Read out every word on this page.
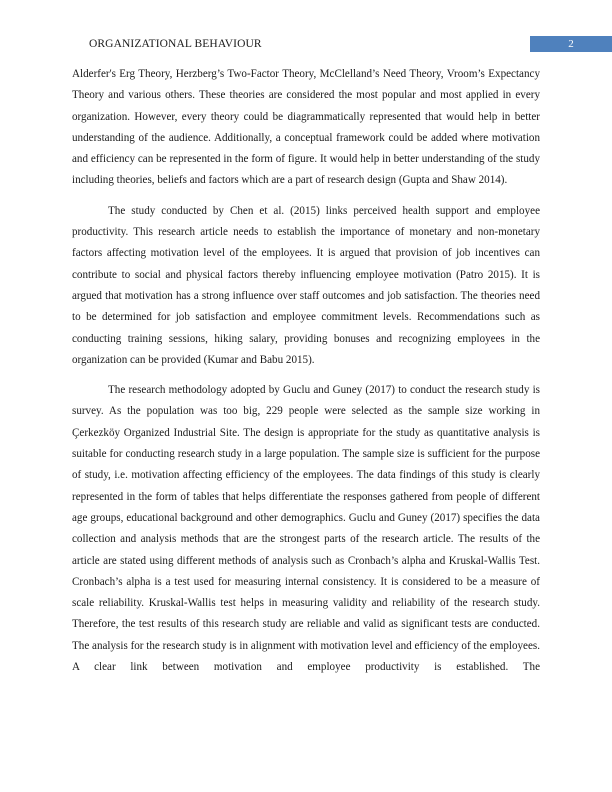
ORGANIZATIONAL BEHAVIOUR	2

Alderfer's Erg Theory, Herzberg’s Two-Factor Theory, McClelland’s Need Theory, Vroom’s Expectancy Theory and various others. These theories are considered the most popular and most applied in every organization. However, every theory could be diagrammatically represented that would help in better understanding of the audience. Additionally, a conceptual framework could be added where motivation and efficiency can be represented in the form of figure. It would help in better understanding of the study including theories, beliefs and factors which are a part of research design (Gupta and Shaw 2014).

The study conducted by Chen et al. (2015) links perceived health support and employee productivity. This research article needs to establish the importance of monetary and non-monetary factors affecting motivation level of the employees. It is argued that provision of job incentives can contribute to social and physical factors thereby influencing employee motivation (Patro 2015). It is argued that motivation has a strong influence over staff outcomes and job satisfaction. The theories need to be determined for job satisfaction and employee commitment levels. Recommendations such as conducting training sessions, hiking salary, providing bonuses and recognizing employees in the organization can be provided (Kumar and Babu 2015).

The research methodology adopted by Guclu and Guney (2017) to conduct the research study is survey. As the population was too big, 229 people were selected as the sample size working in Çerkezköy Organized Industrial Site. The design is appropriate for the study as quantitative analysis is suitable for conducting research study in a large population. The sample size is sufficient for the purpose of study, i.e. motivation affecting efficiency of the employees. The data findings of this study is clearly represented in the form of tables that helps differentiate the responses gathered from people of different age groups, educational background and other demographics. Guclu and Guney (2017) specifies the data collection and analysis methods that are the strongest parts of the research article. The results of the article are stated using different methods of analysis such as Cronbach’s alpha and Kruskal-Wallis Test. Cronbach’s alpha is a test used for measuring internal consistency. It is considered to be a measure of scale reliability. Kruskal-Wallis test helps in measuring validity and reliability of the research study. Therefore, the test results of this research study are reliable and valid as significant tests are conducted. The analysis for the research study is in alignment with motivation level and efficiency of the employees. A clear link between motivation and employee productivity is established. The
